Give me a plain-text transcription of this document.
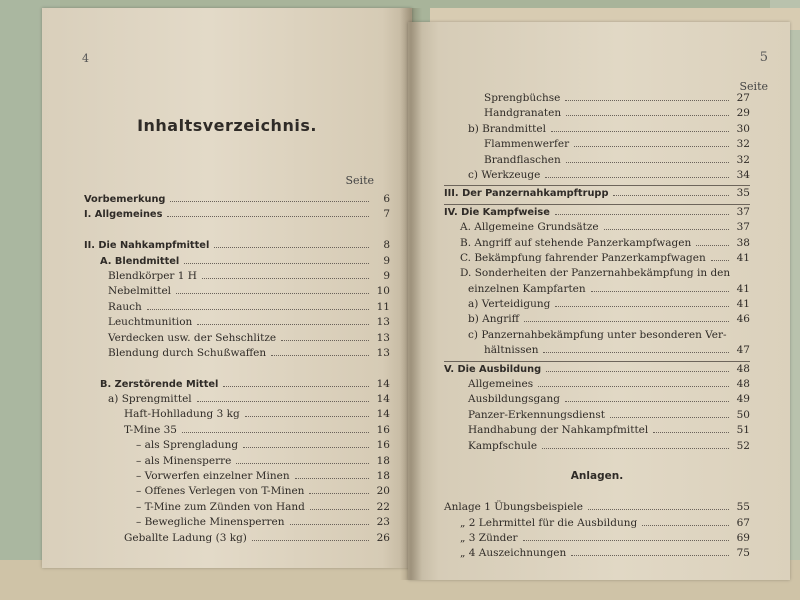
4
Inhaltsverzeichnis.
Seite
Vorbemerkung	6
I. Allgemeines	7
II. Die Nahkampfmittel	8
A. Blendmittel	9
Blendkörper 1 H	9
Nebelmittel	10
Rauch	11
Leuchtmunition	13
Verdecken usw. der Sehschlitze	13
Blendung durch Schußwaffen	13
B. Zerstörende Mittel	14
a) Sprengmittel	14
Haft-Hohlladung 3 kg	14
T-Mine 35	16
– als Sprengladung	16
– als Minensperre	18
– Vorwerfen einzelner Minen	18
– Offenes Verlegen von T-Minen	20
– T-Mine zum Zünden von Hand	22
– Bewegliche Minensperren	23
Geballte Ladung (3 kg)	26
5
Seite
Sprengbüchse	27
Handgranaten	29
b) Brandmittel	30
Flammenwerfer	32
Brandflaschen	32
c) Werkzeuge	34
III. Der Panzernahkampftrupp	35
IV. Die Kampfweise	37
A. Allgemeine Grundsätze	37
B. Angriff auf stehende Panzerkampfwagen	38
C. Bekämpfung fahrender Panzerkampfwagen	41
D. Sonderheiten der Panzernahbekämpfung in den
einzelnen Kampfarten	41
a) Verteidigung	41
b) Angriff	46
c) Panzernahbekämpfung unter besonderen Ver-
hältnissen	47
V. Die Ausbildung	48
Allgemeines	48
Ausbildungsgang	49
Panzer-Erkennungsdienst	50
Handhabung der Nahkampfmittel	51
Kampfschule	52
Anlagen.
Anlage 1 Übungsbeispiele	55
„ 2 Lehrmittel für die Ausbildung	67
„ 3 Zünder	69
„ 4 Auszeichnungen	75
